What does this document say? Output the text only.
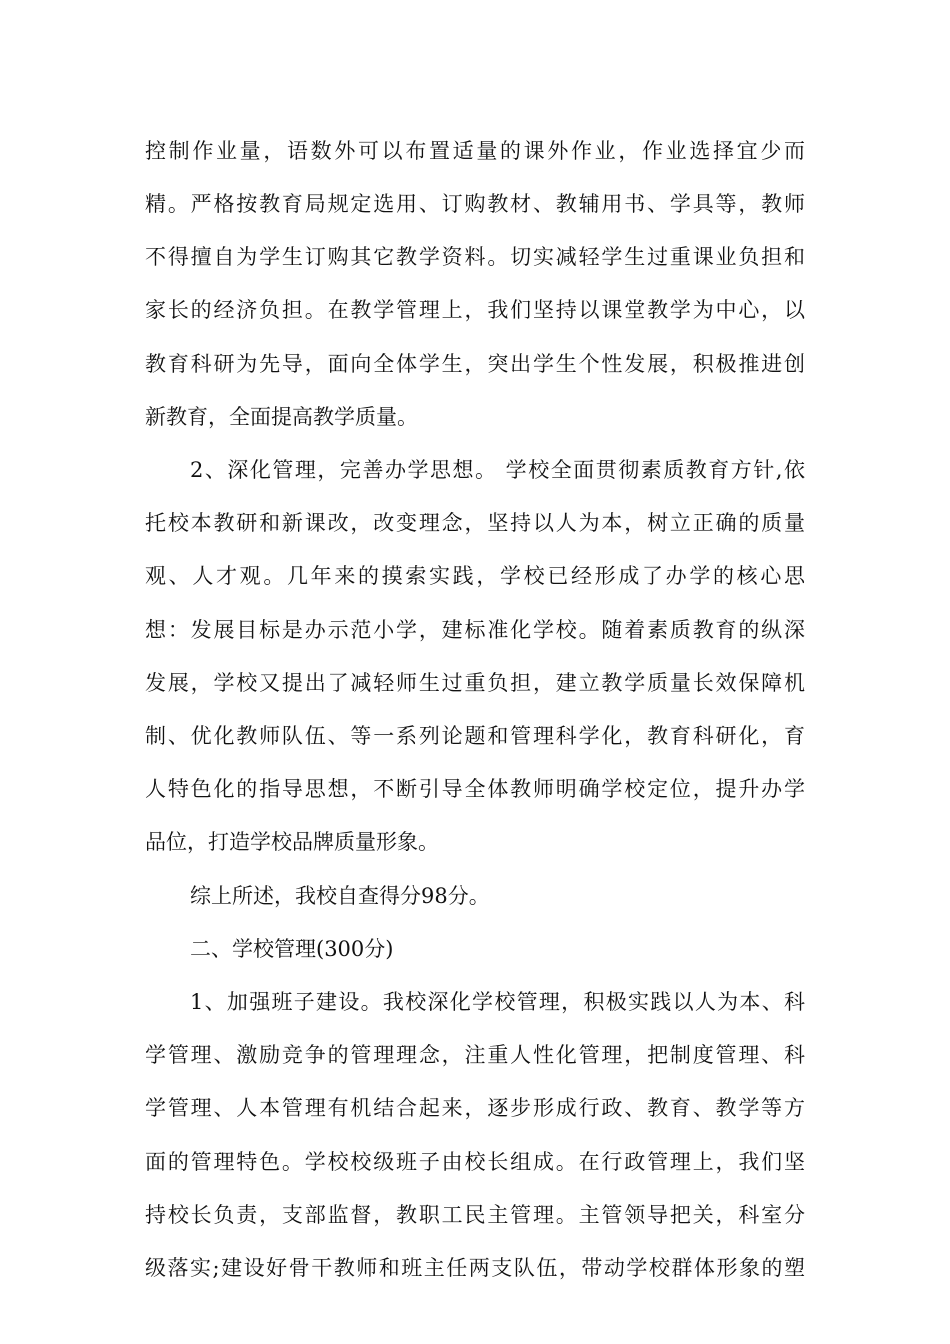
控制作业量，语数外可以布置适量的课外作业，作业选择宜少而
精。严格按教育局规定选用、订购教材、教辅用书、学具等，教师
不得擅自为学生订购其它教学资料。切实减轻学生过重课业负担和
家长的经济负担。在教学管理上，我们坚持以课堂教学为中心，以
教育科研为先导，面向全体学生，突出学生个性发展，积极推进创
新教育，全面提高教学质量。
2、深化管理，完善办学思想。 学校全面贯彻素质教育方针,依
托校本教研和新课改，改变理念，坚持以人为本，树立正确的质量
观、人才观。几年来的摸索实践，学校已经形成了办学的核心思
想：发展目标是办示范小学，建标准化学校。随着素质教育的纵深
发展，学校又提出了减轻师生过重负担，建立教学质量长效保障机
制、优化教师队伍、等一系列论题和管理科学化，教育科研化，育
人特色化的指导思想，不断引导全体教师明确学校定位，提升办学
品位，打造学校品牌质量形象。
综上所述，我校自查得分98分。
二、学校管理(300分)
1、加强班子建设。我校深化学校管理，积极实践以人为本、科
学管理、激励竞争的管理理念，注重人性化管理，把制度管理、科
学管理、人本管理有机结合起来，逐步形成行政、教育、教学等方
面的管理特色。学校校级班子由校长组成。在行政管理上，我们坚
持校长负责，支部监督，教职工民主管理。主管领导把关，科室分
级落实;建设好骨干教师和班主任两支队伍，带动学校群体形象的塑
